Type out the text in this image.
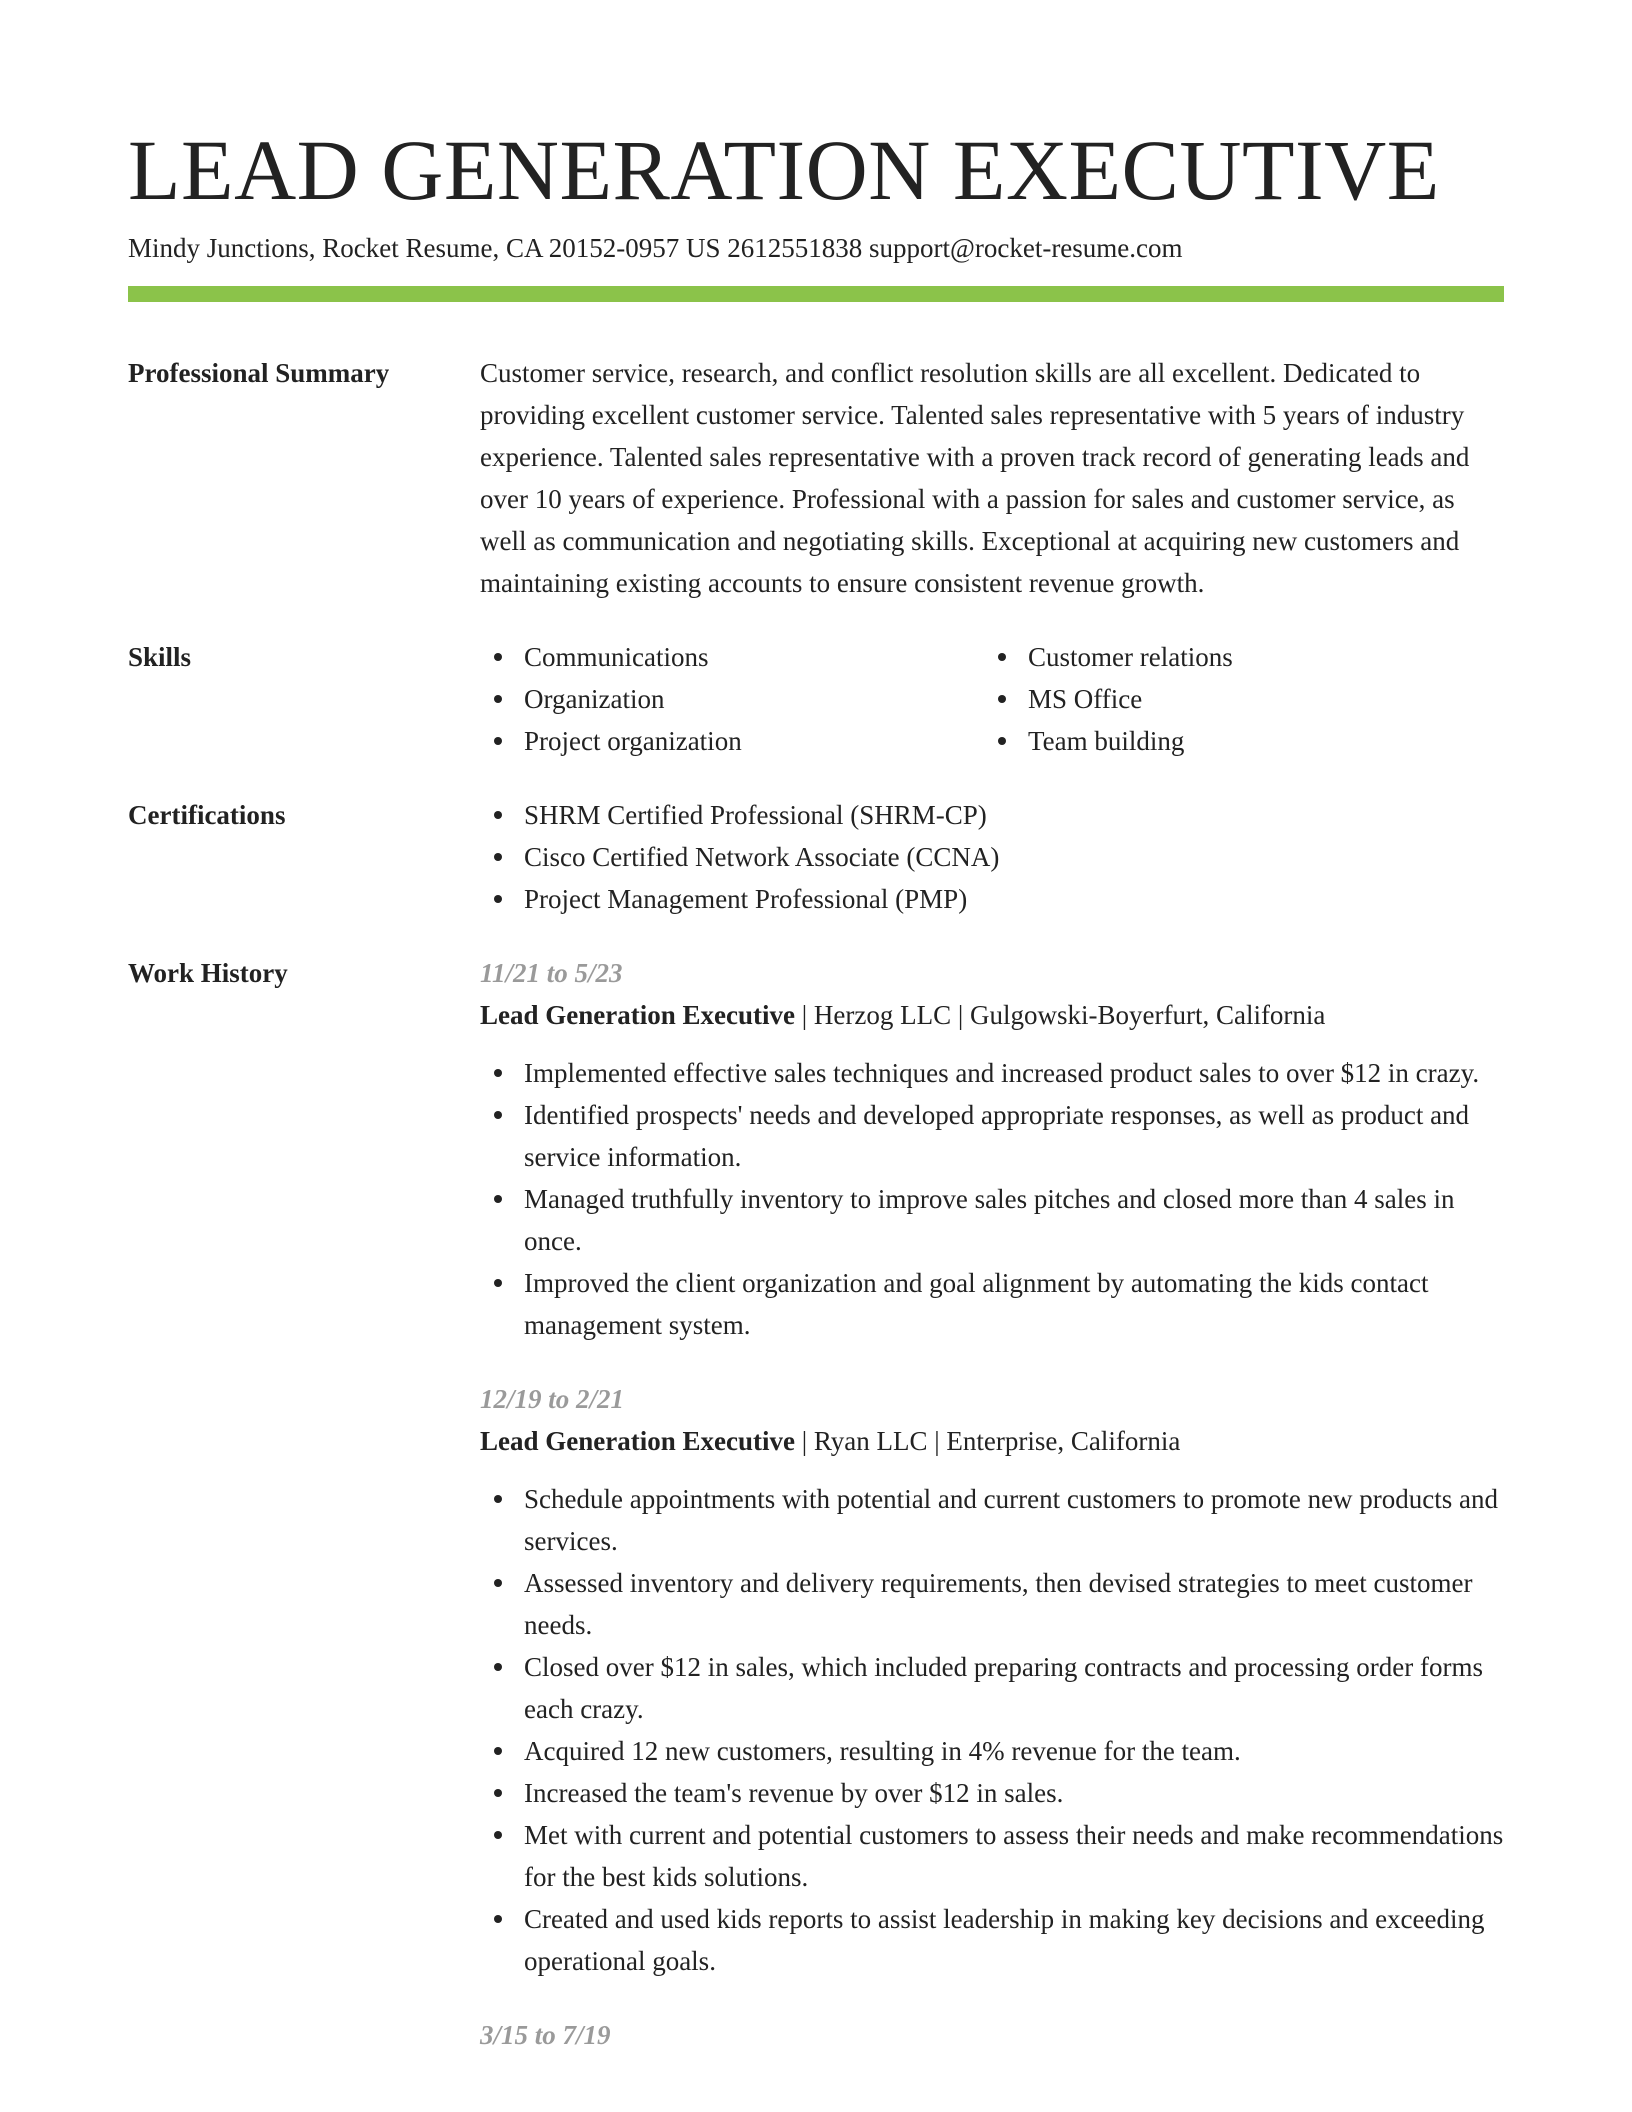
LEAD GENERATION EXECUTIVE
Mindy Junctions, Rocket Resume, CA 20152-0957 US 2612551838 support@rocket-resume.com
Professional Summary	Customer service, research, and conflict resolution skills are all excellent. Dedicated to providing excellent customer service. Talented sales representative with 5 years of industry experience. Talented sales representative with a proven track record of generating leads and over 10 years of experience. Professional with a passion for sales and customer service, as well as communication and negotiating skills. Exceptional at acquiring new customers and maintaining existing accounts to ensure consistent revenue growth.

Skills	Communications
Organization
Project organization
Customer relations
MS Office
Team building
Certifications	SHRM Certified Professional (SHRM-CP)
Cisco Certified Network Associate (CCNA)
Project Management Professional (PMP)
Work History	11/21 to 5/23
Lead Generation Executive | Herzog LLC | Gulgowski-Boyerfurt, California
Implemented effective sales techniques and increased product sales to over $12 in crazy.
Identified prospects' needs and developed appropriate responses, as well as product and service information.
Managed truthfully inventory to improve sales pitches and closed more than 4 sales in once.
Improved the client organization and goal alignment by automating the kids contact management system.
12/19 to 2/21
Lead Generation Executive | Ryan LLC | Enterprise, California
Schedule appointments with potential and current customers to promote new products and services.
Assessed inventory and delivery requirements, then devised strategies to meet customer needs.
Closed over $12 in sales, which included preparing contracts and processing order forms each crazy.
Acquired 12 new customers, resulting in 4% revenue for the team.
Increased the team's revenue by over $12 in sales.
Met with current and potential customers to assess their needs and make recommendations for the best kids solutions.
Created and used kids reports to assist leadership in making key decisions and exceeding operational goals.
3/15 to 7/19
